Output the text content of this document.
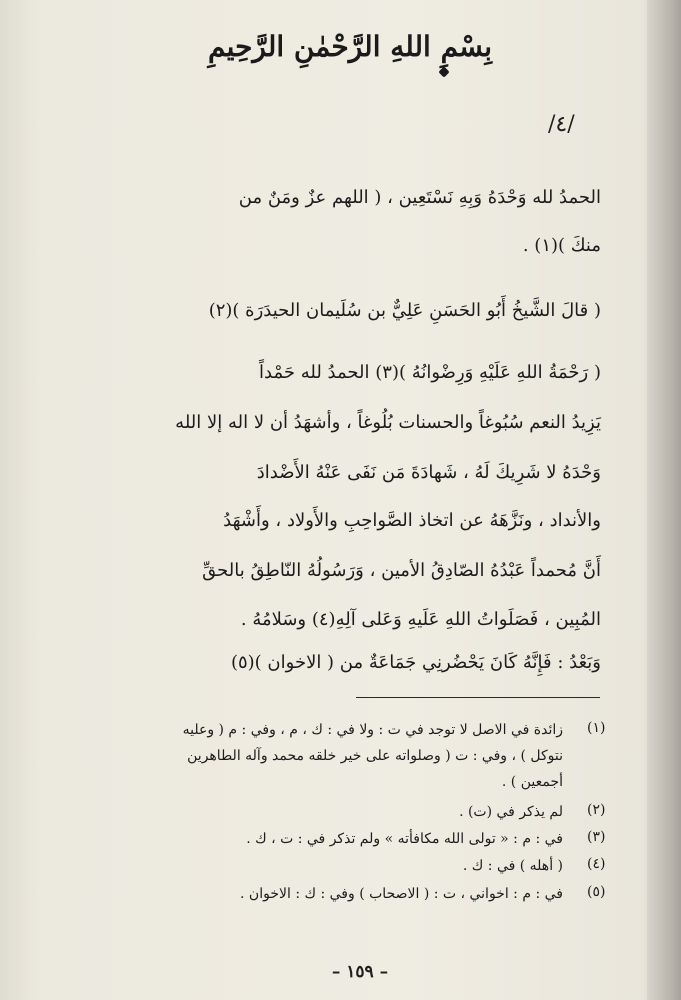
بِسْمِ اللهِ الرَّحْمٰنِ الرَّحِيمِ
/٤/
الحمدُ لله وَحْدَهُ وَبِهِ نَسْتَعِين ، ( اللهم عزٌ ومَنٌ من
منكَ )(١) .
( قالَ الشَّيخُ أَبُو الحَسَنِ عَلِيٌّ بن سُلَيمان الحيدَرَة )(٢)
( رَحْمَةُ اللهِ عَلَيْهِ وَرِضْوانُهُ )(٣) الحمدُ لله حَمْداً
يَزِيدُ النعم سُبُوغاً والحسنات بُلُوغاً ، وأشهَدُ أن لا اله إلا الله
وَحْدَهُ لا شَرِيكَ لَهُ ، شَهادَةَ مَن نَفَى عَنْهُ الأَضْدادَ
والأنداد ، ونَزَّهَهُ عن اتخاذ الصَّواحِبِ والأَولاد ، وأَشْهَدُ
أَنَّ مُحمداً عَبْدُهُ الصّادِقُ الأمين ، وَرَسُولُهُ النّاطِقُ بالحقِّ
المُبِين ، فَصَلَواتُ اللهِ عَلَيهِ وَعَلى آلِهِ(٤) وسَلامُهُ .
وَبَعْدُ : فَإِنَّهُ كَانَ يَحْضُرنِي جَمَاعَةٌ من ( الاخوان )(٥)
(١)
زائدة في الاصل لا توجد في ت : ولا في : ك ، م ، وفي : م ( وعليه
نتوكل ) ، وفي : ت ( وصلواته على خير خلقه محمد وآله الطاهرين
أجمعين ) .
(٢)
لم يذكر في (ت) .
(٣)
في : م : « تولى الله مكافأته » ولم تذكر في : ت ، ك .
(٤)
( أهله ) في : ك .
(٥)
في : م : اخواني ، ت : ( الاصحاب ) وفي : ك : الاخوان .
– ١٥٩ –
